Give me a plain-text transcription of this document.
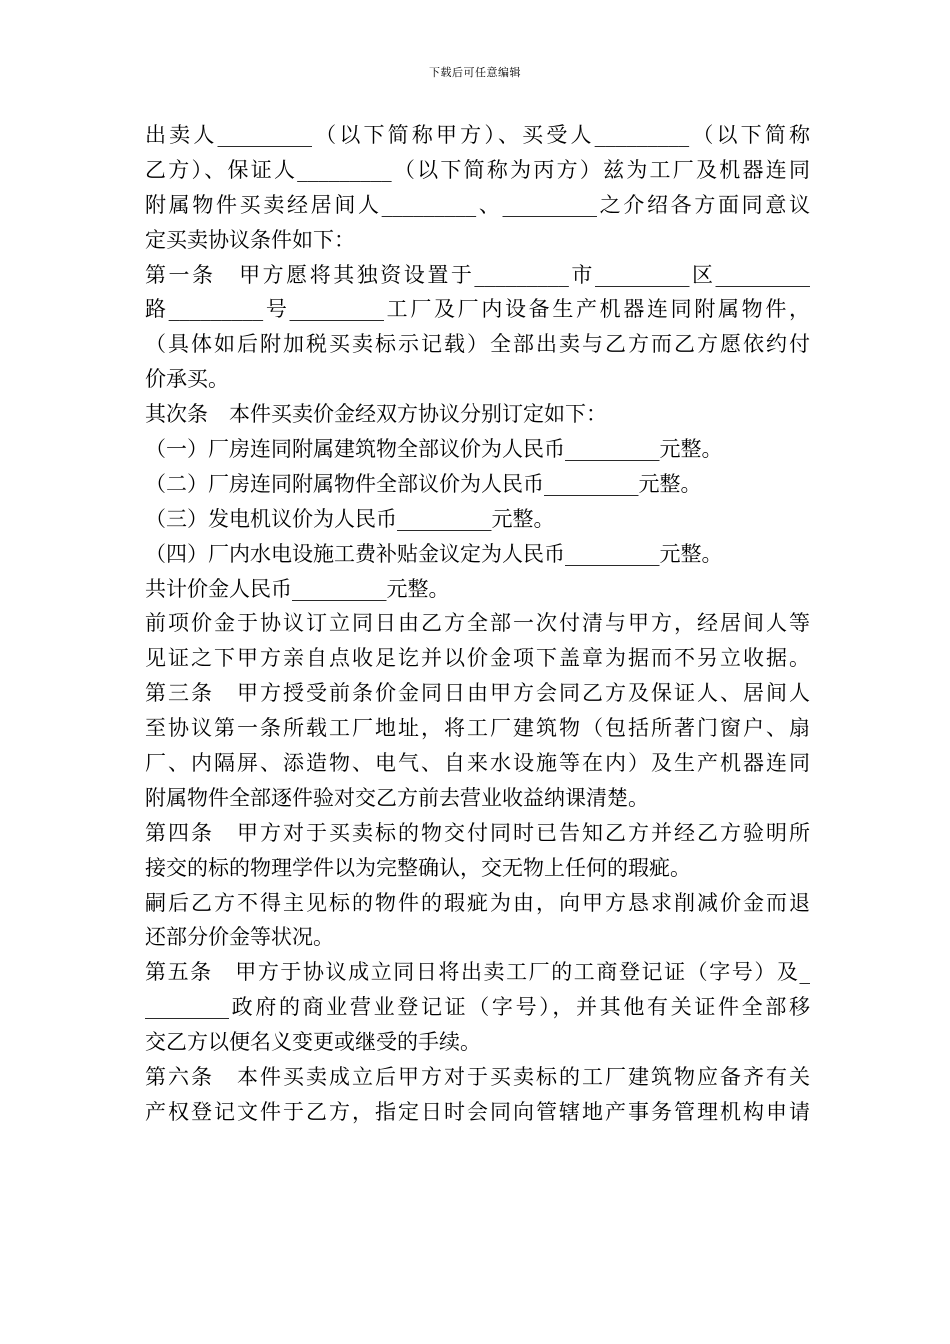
下载后可任意编辑
出卖人_________（以下简称甲方）、买受人_________（以下简称
乙方）、保证人_________（以下简称为丙方）兹为工厂及机器连同
附属物件买卖经居间人_________、_________之介绍各方面同意议
定买卖协议条件如下：
第一条　甲方愿将其独资设置于_________市_________区_________
路_________号_________工厂及厂内设备生产机器连同附属物件，
（具体如后附加税买卖标示记载）全部出卖与乙方而乙方愿依约付
价承买。
其次条　本件买卖价金经双方协议分别订定如下：
（一）厂房连同附属建筑物全部议价为人民币_________元整。
（二）厂房连同附属物件全部议价为人民币_________元整。
（三）发电机议价为人民币_________元整。
（四）厂内水电设施工费补贴金议定为人民币_________元整。
共计价金人民币_________元整。
前项价金于协议订立同日由乙方全部一次付清与甲方，经居间人等
见证之下甲方亲自点收足讫并以价金项下盖章为据而不另立收据。
第三条　甲方授受前条价金同日由甲方会同乙方及保证人、居间人
至协议第一条所载工厂地址，将工厂建筑物（包括所著门窗户、扇
厂、内隔屏、添造物、电气、自来水设施等在内）及生产机器连同
附属物件全部逐件验对交乙方前去营业收益纳课清楚。
第四条　甲方对于买卖标的物交付同时已告知乙方并经乙方验明所
接交的标的物理学件以为完整确认，交无物上任何的瑕疵。
嗣后乙方不得主见标的物件的瑕疵为由，向甲方恳求削减价金而退
还部分价金等状况。
第五条　甲方于协议成立同日将出卖工厂的工商登记证（字号）及_
________政府的商业营业登记证（字号），并其他有关证件全部移
交乙方以便名义变更或继受的手续。
第六条　本件买卖成立后甲方对于买卖标的工厂建筑物应备齐有关
产权登记文件于乙方，指定日时会同向管辖地产事务管理机构申请
